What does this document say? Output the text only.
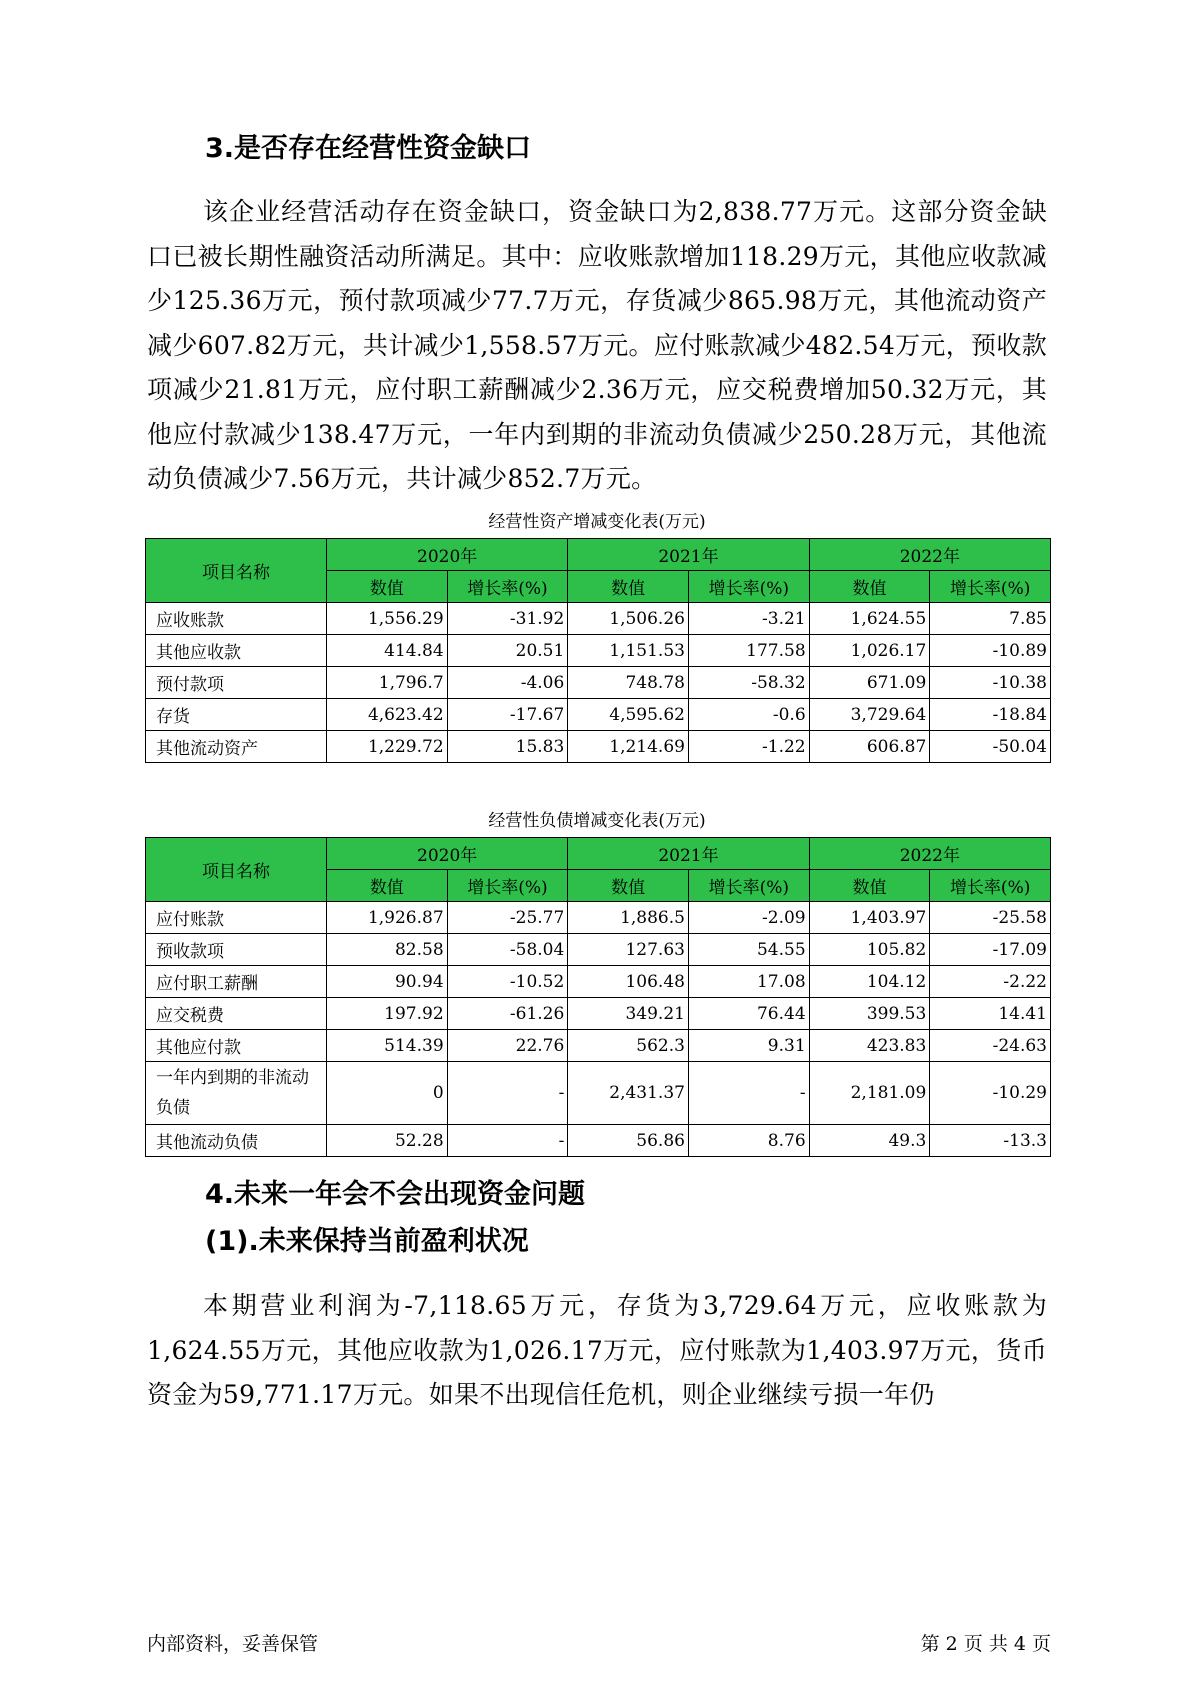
3.是否存在经营性资金缺口

该企业经营活动存在资金缺口，资金缺口为2,838.77万元。这部分资金缺口已被长期性融资活动所满足。其中：应收账款增加118.29万元，其他应收款减少125.36万元，预付款项减少77.7万元，存货减少865.98万元，其他流动资产减少607.82万元，共计减少1,558.57万元。应付账款减少482.54万元，预收款项减少21.81万元，应付职工薪酬减少2.36万元，应交税费增加50.32万元，其他应付款减少138.47万元，一年内到期的非流动负债减少250.28万元，其他流动负债减少7.56万元，共计减少852.7万元。

经营性资产增减变化表(万元)
项目名称	2020年		2021年		2022年	
	数值	增长率(%)	数值	增长率(%)	数值	增长率(%)
应收账款	1,556.29	-31.92	1,506.26	-3.21	1,624.55	7.85
其他应收款	414.84	20.51	1,151.53	177.58	1,026.17	-10.89
预付款项	1,796.7	-4.06	748.78	-58.32	671.09	-10.38
存货	4,623.42	-17.67	4,595.62	-0.6	3,729.64	-18.84
其他流动资产	1,229.72	15.83	1,214.69	-1.22	606.87	-50.04
经营性负债增减变化表(万元)
项目名称	2020年		2021年		2022年	
	数值	增长率(%)	数值	增长率(%)	数值	增长率(%)
应付账款	1,926.87	-25.77	1,886.5	-2.09	1,403.97	-25.58
预收款项	82.58	-58.04	127.63	54.55	105.82	-17.09
应付职工薪酬	90.94	-10.52	106.48	17.08	104.12	-2.22
应交税费	197.92	-61.26	349.21	76.44	399.53	14.41
其他应付款	514.39	22.76	562.3	9.31	423.83	-24.63
一年内到期的非流动负债	0	-	2,431.37	-	2,181.09	-10.29
其他流动负债	52.28	-	56.86	8.76	49.3	-13.3
4.未来一年会不会出现资金问题
(1).未来保持当前盈利状况

本期营业利润为-7,118.65万元，存货为3,729.64万元，应收账款为1,624.55万元，其他应收款为1,026.17万元，应付账款为1,403.97万元，货币资金为59,771.17万元。如果不出现信任危机，则企业继续亏损一年仍

内部资料，妥善保管	第 2 页 共 4 页
